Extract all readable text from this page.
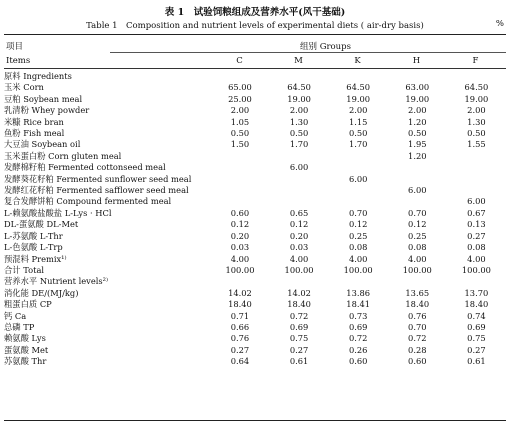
表 1　试验饲粮组成及营养水平(风干基础)
Table 1　Composition and nutrient levels of experimental diets ( air-dry basis)	%
项目	组别 Groups
Items	C	M	K	H	F
原料 Ingredients					
玉米 Corn	65.00	64.50	64.50	63.00	64.50
豆粕 Soybean meal	25.00	19.00	19.00	19.00	19.00
乳清粉 Whey powder	2.00	2.00	2.00	2.00	2.00
米糠 Rice bran	1.05	1.30	1.15	1.20	1.30
鱼粉 Fish meal	0.50	0.50	0.50	0.50	0.50
大豆油 Soybean oil	1.50	1.70	1.70	1.95	1.55
玉米蛋白粉 Corn gluten meal				1.20	
发酵棉籽粕 Fermented cottonseed meal		6.00			
发酵葵花籽粕 Fermented sunflower seed meal			6.00		
发酵红花籽粕 Fermented safflower seed meal				6.00	
复合发酵饼粕 Compound fermented meal					6.00
L-赖氨酸盐酸盐 L-Lys · HCl	0.60	0.65	0.70	0.70	0.67
DL-蛋氨酸 DL-Met	0.12	0.12	0.12	0.12	0.13
L-苏氨酸 L-Thr	0.20	0.20	0.25	0.25	0.27
L-色氨酸 L-Trp	0.03	0.03	0.08	0.08	0.08
预混料 Premix¹⁾	4.00	4.00	4.00	4.00	4.00
合计 Total	100.00	100.00	100.00	100.00	100.00
营养水平 Nutrient levels²⁾					
消化能 DE/(MJ/kg)	14.02	14.02	13.86	13.65	13.70
粗蛋白质 CP	18.40	18.40	18.41	18.40	18.40
钙 Ca	0.71	0.72	0.73	0.76	0.74
总磷 TP	0.66	0.69	0.69	0.70	0.69
赖氨酸 Lys	0.76	0.75	0.72	0.72	0.75
蛋氨酸 Met	0.27	0.27	0.26	0.28	0.27
苏氨酸 Thr	0.64	0.61	0.60	0.60	0.61
